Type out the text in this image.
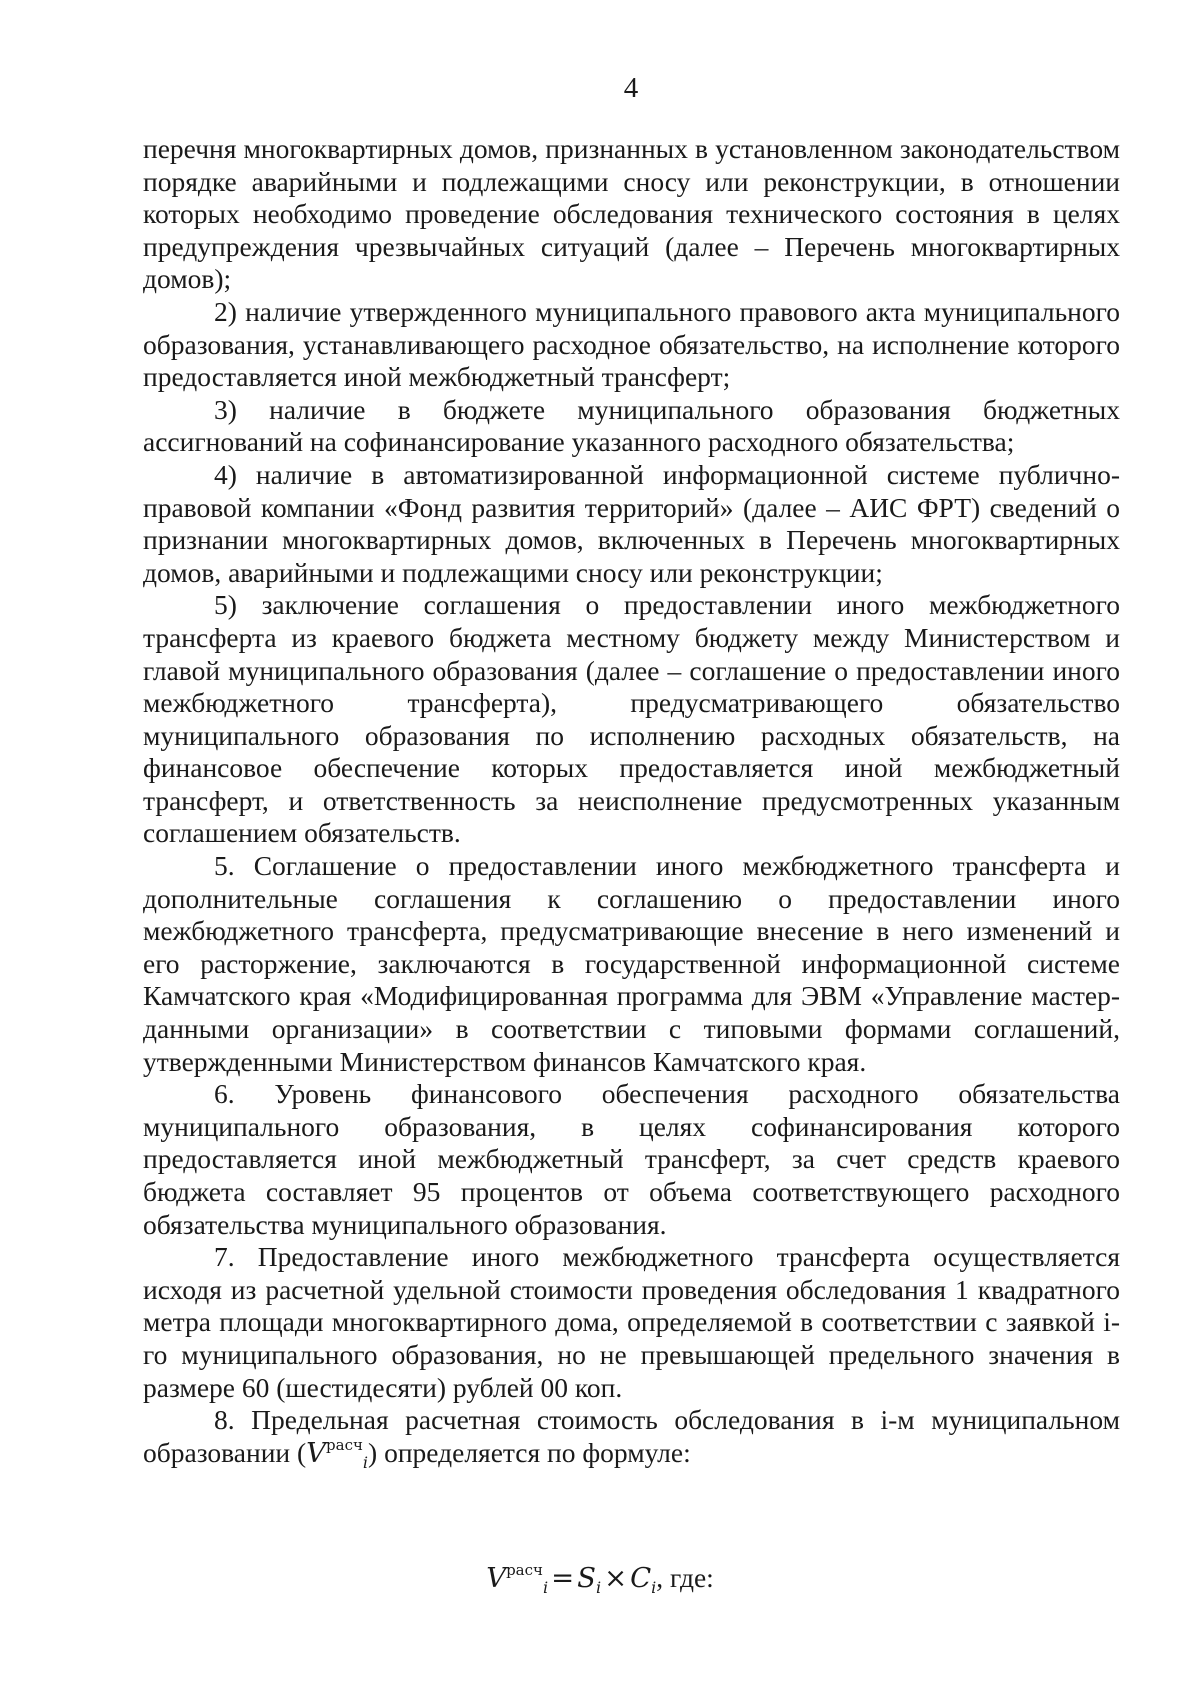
4

перечня многоквартирных домов, признанных в установленном законодательством порядке аварийными и подлежащими сносу или реконструкции, в отношении которых необходимо проведение обследования технического состояния в целях предупреждения чрезвычайных ситуаций (далее – Перечень многоквартирных домов);

2) наличие утвержденного муниципального правового акта муниципального образования, устанавливающего расходное обязательство, на исполнение которого предоставляется иной межбюджетный трансферт;

3) наличие в бюджете муниципального образования бюджетных ассигнований на софинансирование указанного расходного обязательства;

4) наличие в автоматизированной информационной системе публично-правовой компании «Фонд развития территорий» (далее – АИС ФРТ) сведений о признании многоквартирных домов, включенных в Перечень многоквартирных домов, аварийными и подлежащими сносу или реконструкции;

5) заключение соглашения о предоставлении иного межбюджетного трансферта из краевого бюджета местному бюджету между Министерством и главой муниципального образования (далее – соглашение о предоставлении иного межбюджетного трансферта), предусматривающего обязательство муниципального образования по исполнению расходных обязательств, на финансовое обеспечение которых предоставляется иной межбюджетный трансферт, и ответственность за неисполнение предусмотренных указанным соглашением обязательств.

5. Соглашение о предоставлении иного межбюджетного трансферта и дополнительные соглашения к соглашению о предоставлении иного межбюджетного трансферта, предусматривающие внесение в него изменений и его расторжение, заключаются в государственной информационной системе Камчатского края «Модифицированная программа для ЭВМ «Управление мастер-данными организации» в соответствии с типовыми формами соглашений, утвержденными Министерством финансов Камчатского края.

6. Уровень финансового обеспечения расходного обязательства муниципального образования, в целях софинансирования которого предоставляется иной межбюджетный трансферт, за счет средств краевого бюджета составляет 95 процентов от объема соответствующего расходного обязательства муниципального образования.

7. Предоставление иного межбюджетного трансферта осуществляется исходя из расчетной удельной стоимости проведения обследования 1 квадратного метра площади многоквартирного дома, определяемой в соответствии с заявкой i-го муниципального образования, но не превышающей предельного значения в размере 60 (шестидесяти) рублей 00 коп.

8. Предельная расчетная стоимость обследования в i-м муниципальном образовании $(V^{расч}_i)$ определяется по формуле:

$V^{расч}_i = S_i \times C_i$, где:
